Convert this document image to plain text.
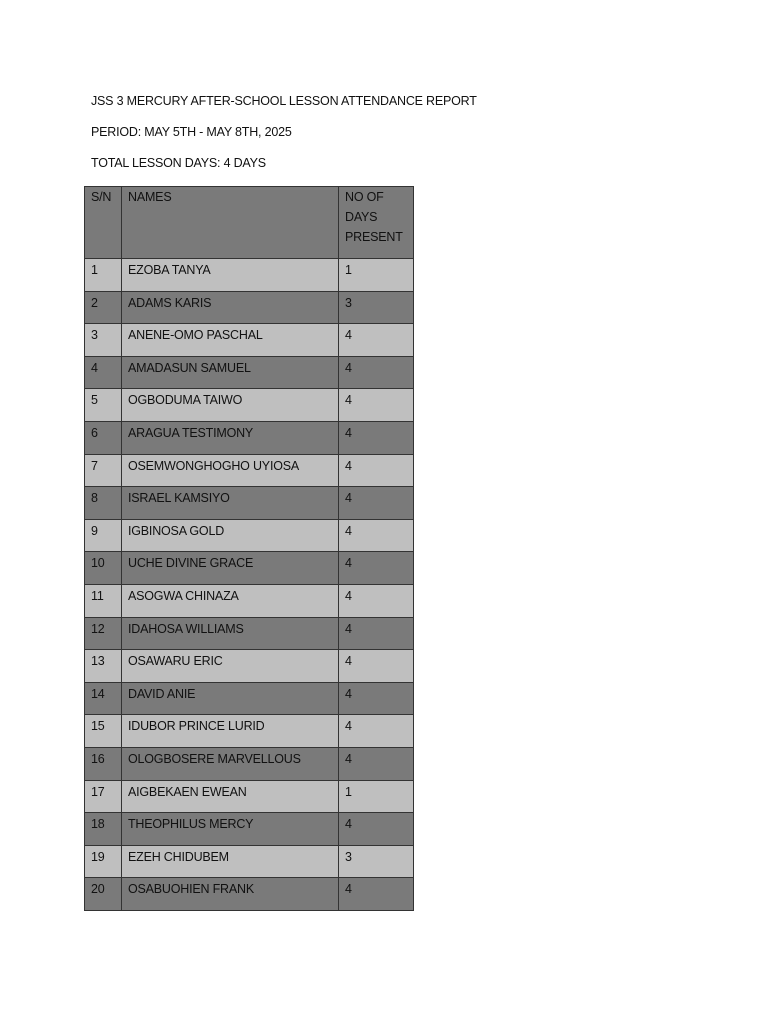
JSS 3 MERCURY AFTER-SCHOOL LESSON ATTENDANCE REPORT
PERIOD: MAY 5TH - MAY 8TH, 2025
TOTAL LESSON DAYS: 4 DAYS
S/N	NAMES	NO OF
DAYS
PRESENT
1	EZOBA TANYA	1
2	ADAMS KARIS	3
3	ANENE-OMO PASCHAL	4
4	AMADASUN SAMUEL	4
5	OGBODUMA TAIWO	4
6	ARAGUA TESTIMONY	4
7	OSEMWONGHOGHO UYIOSA	4
8	ISRAEL KAMSIYO	4
9	IGBINOSA GOLD	4
10	UCHE DIVINE GRACE	4
11	ASOGWA CHINAZA	4
12	IDAHOSA WILLIAMS	4
13	OSAWARU ERIC	4
14	DAVID ANIE	4
15	IDUBOR PRINCE LURID	4
16	OLOGBOSERE MARVELLOUS	4
17	AIGBEKAEN EWEAN	1
18	THEOPHILUS MERCY	4
19	EZEH CHIDUBEM	3
20	OSABUOHIEN FRANK	4
